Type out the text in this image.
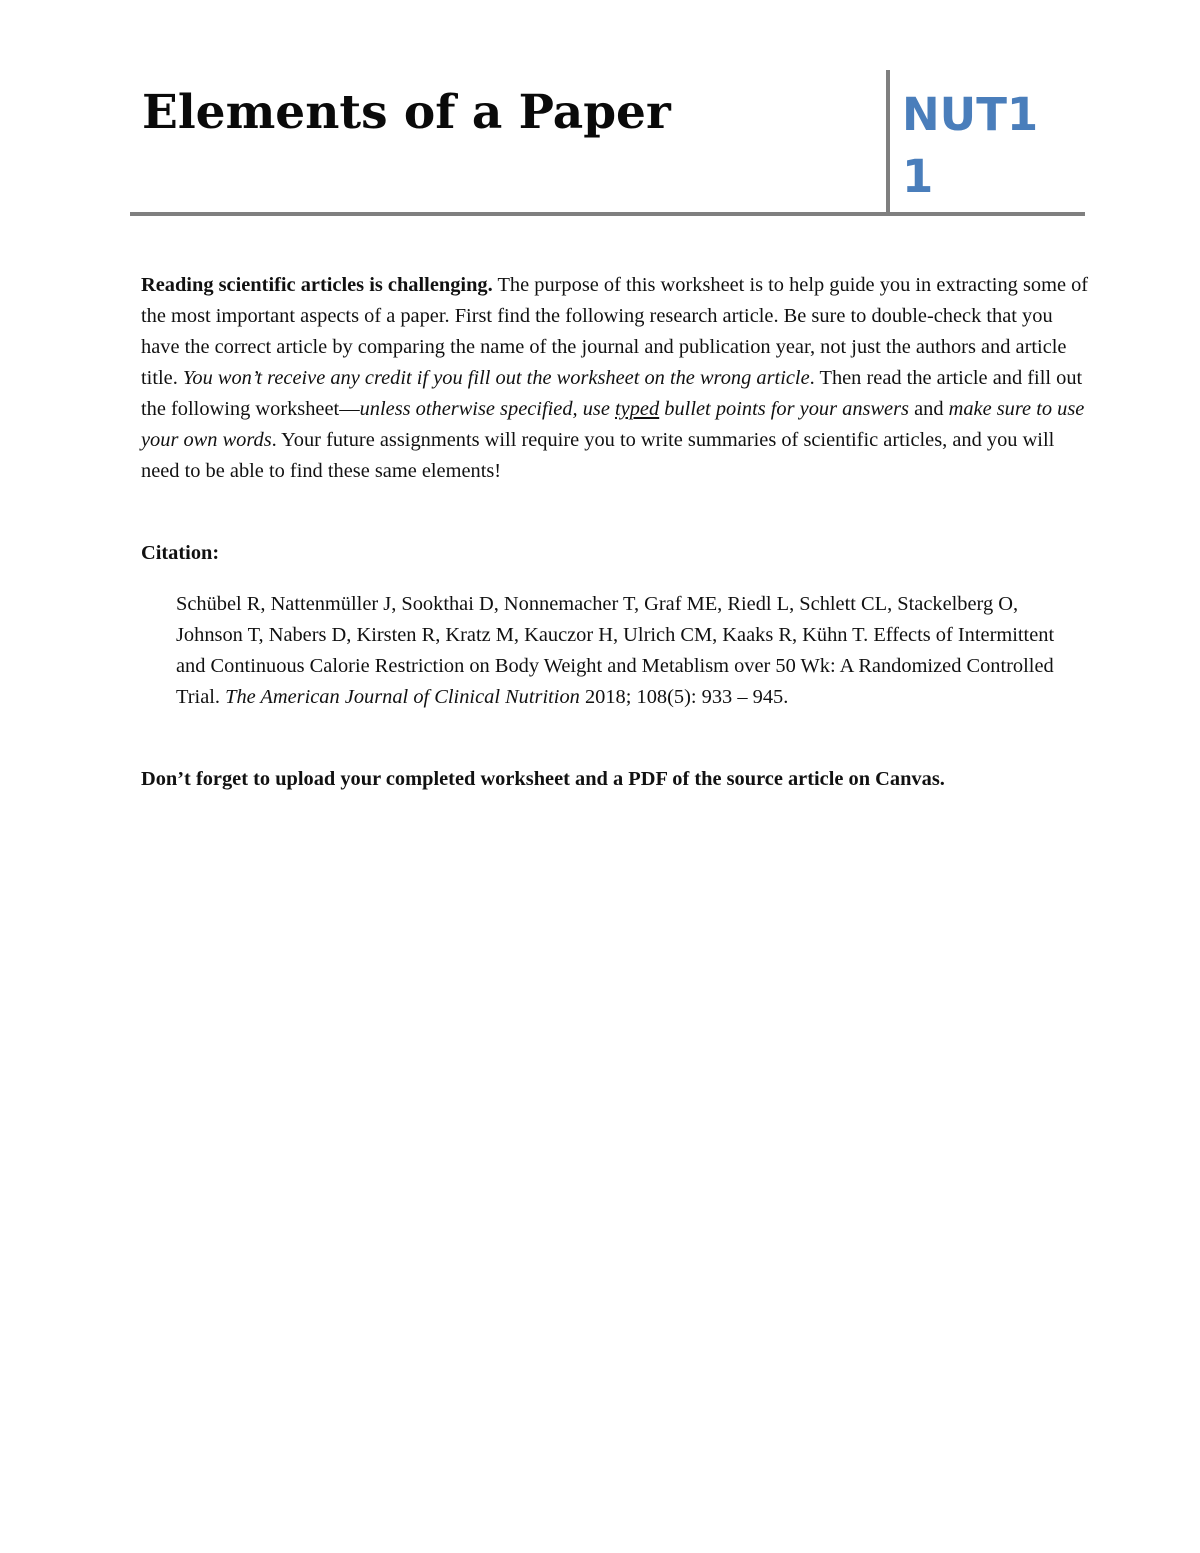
Elements of a Paper	NUT11

Reading scientific articles is challenging. The purpose of this worksheet is to help guide you in extracting some of the most important aspects of a paper. First find the following research article. Be sure to double-check that you have the correct article by comparing the name of the journal and publication year, not just the authors and article title. You won’t receive any credit if you fill out the worksheet on the wrong article. Then read the article and fill out the following worksheet—unless otherwise specified, use typed bullet points for your answers and make sure to use your own words. Your future assignments will require you to write summaries of scientific articles, and you will need to be able to find these same elements!

Citation:

Schübel R, Nattenmüller J, Sookthai D, Nonnemacher T, Graf ME, Riedl L, Schlett CL, Stackelberg O, Johnson T, Nabers D, Kirsten R, Kratz M, Kauczor H, Ulrich CM, Kaaks R, Kühn T. Effects of Intermittent and Continuous Calorie Restriction on Body Weight and Metablism over 50 Wk: A Randomized Controlled Trial. The American Journal of Clinical Nutrition 2018; 108(5): 933 – 945.

Don’t forget to upload your completed worksheet and a PDF of the source article on Canvas.
